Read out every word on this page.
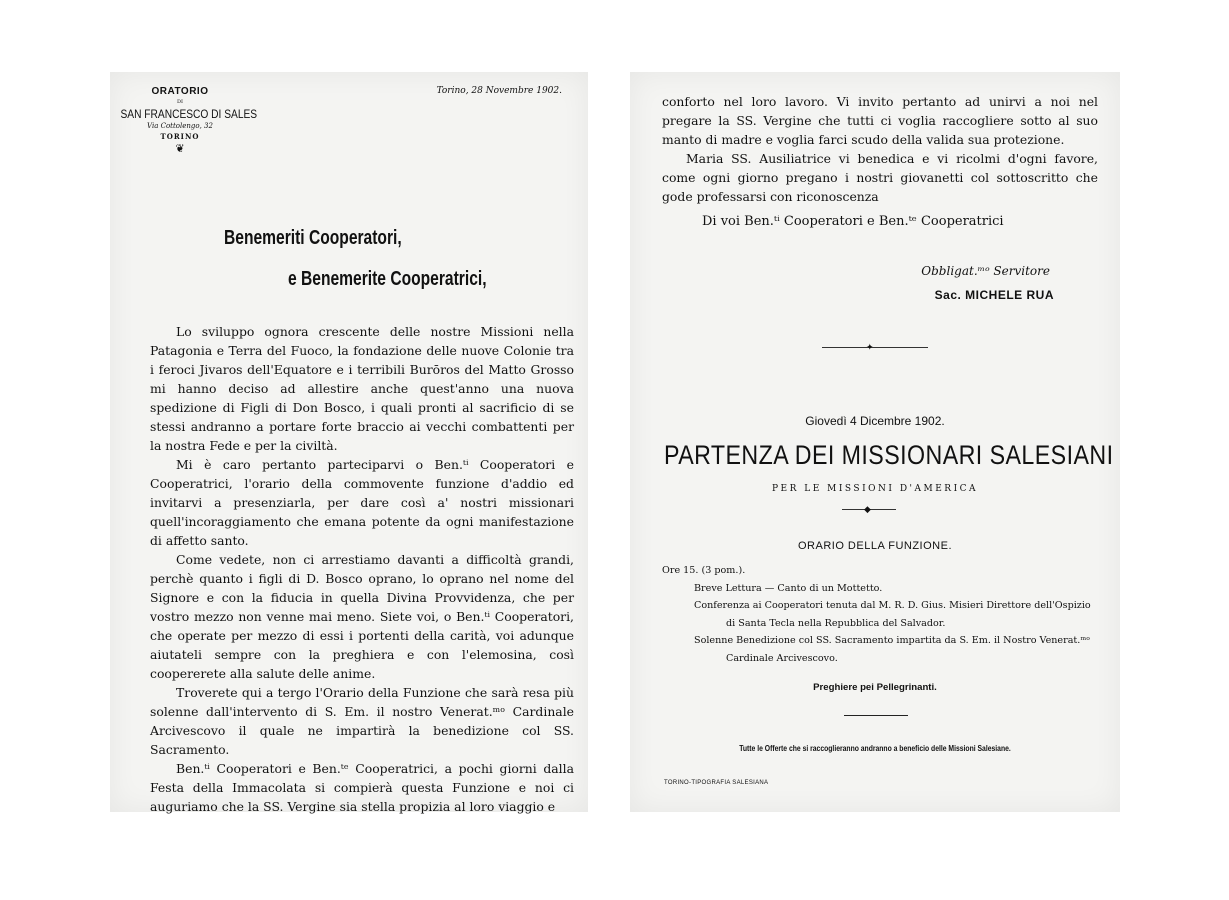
ORATORIO
DI
SAN FRANCESCO DI SALES
Via Cottolengo, 32
TORINO
❦
Torino, 28 Novembre 1902.
Benemeriti Cooperatori,
e Benemerite Cooperatrici,

Lo sviluppo ognora crescente delle nostre Missioni nella Patagonia e Terra del Fuoco, la fondazione delle nuove Colonie tra i feroci Jivaros dell'Equatore e i terribili Burōros del Matto Grosso mi hanno deciso ad allestire anche quest'anno una nuova spedizione di Figli di Don Bosco, i quali pronti al sacrificio di se stessi andranno a portare forte braccio ai vecchi combattenti per la nostra Fede e per la civiltà.

Mi è caro pertanto parteciparvi o Ben.ᵗⁱ Cooperatori e Cooperatrici, l'orario della commovente funzione d'addio ed invitarvi a presenziarla, per dare così a' nostri missionari quell'incoraggiamento che emana potente da ogni manifestazione di affetto santo.

Come vedete, non ci arrestiamo davanti a difficoltà grandi, perchè quanto i figli di D. Bosco oprano, lo oprano nel nome del Signore e con la fiducia in quella Divina Provvidenza, che per vostro mezzo non venne mai meno. Siete voi, o Ben.ᵗⁱ Cooperatori, che operate per mezzo di essi i portenti della carità, voi adunque aiutateli sempre con la preghiera e con l'elemosina, così coopererete alla salute delle anime.

Troverete qui a tergo l'Orario della Funzione che sarà resa più solenne dall'intervento di S. Em. il nostro Venerat.ᵐᵒ Cardinale Arcivescovo il quale ne impartirà la benedizione col SS. Sacramento.

Ben.ᵗⁱ Cooperatori e Ben.ᵗᵉ Cooperatrici, a pochi giorni dalla Festa della Immacolata si compierà questa Funzione e noi ci auguriamo che la SS. Vergine sia stella propizia al loro viaggio e

conforto nel loro lavoro. Vi invito pertanto ad unirvi a noi nel pregare la SS. Vergine che tutti ci voglia raccogliere sotto al suo manto di madre e voglia farci scudo della valida sua protezione.

Maria SS. Ausiliatrice vi benedica e vi ricolmi d'ogni favore, come ogni giorno pregano i nostri giovanetti col sottoscritto che gode professarsi con riconoscenza

Di voi Ben.ᵗⁱ Cooperatori e Ben.ᵗᵉ Cooperatrici
Obbligat.ᵐᵒ Servitore
Sac. MICHELE RUA
✦
Giovedì 4 Dicembre 1902.
PARTENZA DEI MISSIONARI SALESIANI
PER LE MISSIONI D'AMERICA
◆
ORARIO DELLA FUNZIONE.
Ore 15. (3 pom.).
Breve Lettura — Canto di un Mottetto.
Conferenza ai Cooperatori tenuta dal M. R. D. Gius. Misieri Direttore dell'Ospizio di Santa Tecla nella Repubblica del Salvador.
Solenne Benedizione col SS. Sacramento impartita da S. Em. il Nostro Venerat.ᵐᵒ Cardinale Arcivescovo.
Preghiere pei Pellegrinanti.
Tutte le Offerte che si raccoglieranno andranno a beneficio delle Missioni Salesiane.
TORINO-TIPOGRAFIA SALESIANA
